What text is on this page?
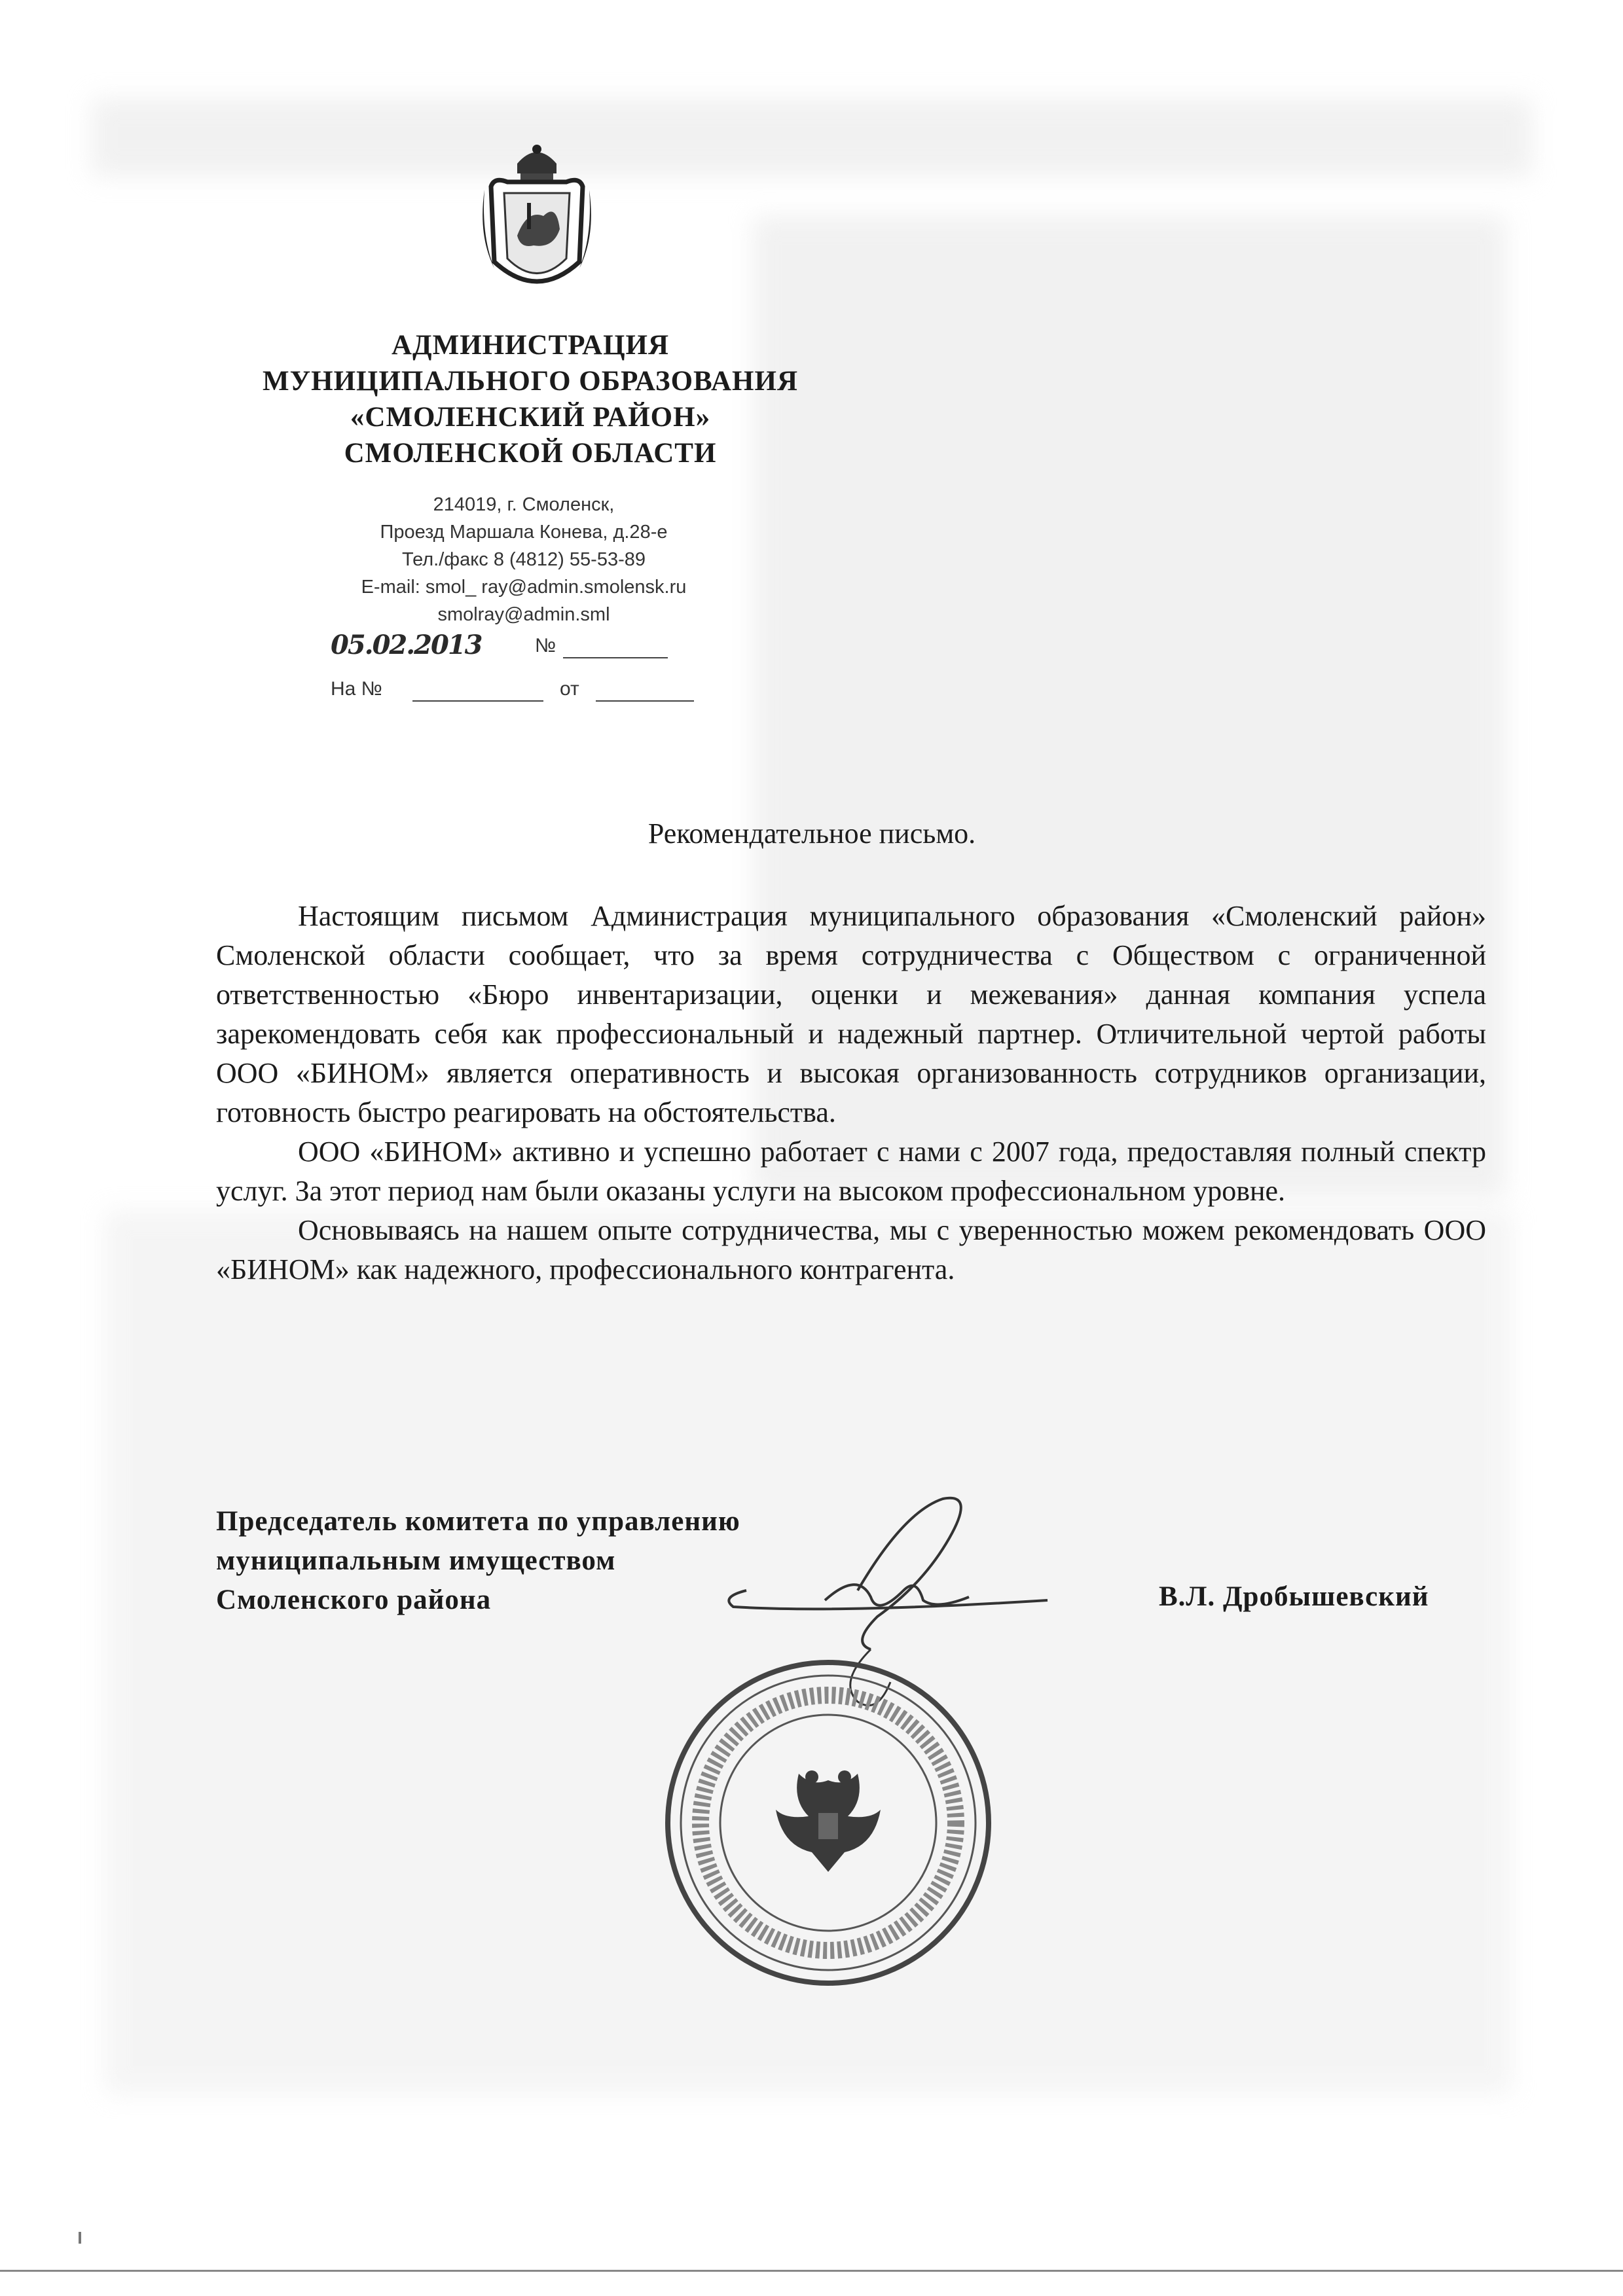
АДМИНИСТРАЦИЯ
МУНИЦИПАЛЬНОГО ОБРАЗОВАНИЯ
«СМОЛЕНСКИЙ РАЙОН»
СМОЛЕНСКОЙ ОБЛАСТИ
214019, г. Смоленск,
Проезд Маршала Конева, д.28-е
Тел./факс 8 (4812) 55-53-89
E-mail: smol_ ray@admin.smolensk.ru
smolray@admin.sml
05.02.2013	№
На №	от
Рекомендательное письмо.

Настоящим письмом Администрация муниципального образования «Смоленский район» Смоленской области сообщает, что за время сотрудничества с Обществом с ограниченной ответственностью «Бюро инвентаризации, оценки и межевания» данная компания успела зарекомендовать себя как профессиональный и надежный партнер. Отличительной чертой работы ООО «БИНОМ» является оперативность и высокая организованность сотрудников организации, готовность быстро реагировать на обстоятельства.

ООО «БИНОМ» активно и успешно работает с нами с 2007 года, предоставляя полный спектр услуг. За этот период нам были оказаны услуги на высоком профессиональном уровне.

Основываясь на нашем опыте сотрудничества, мы с уверенностью можем рекомендовать ООО «БИНОМ» как надежного, профессионального контрагента.

Председатель комитета по управлению
муниципальным имуществом
Смоленского района	В.Л. Дробышевский
